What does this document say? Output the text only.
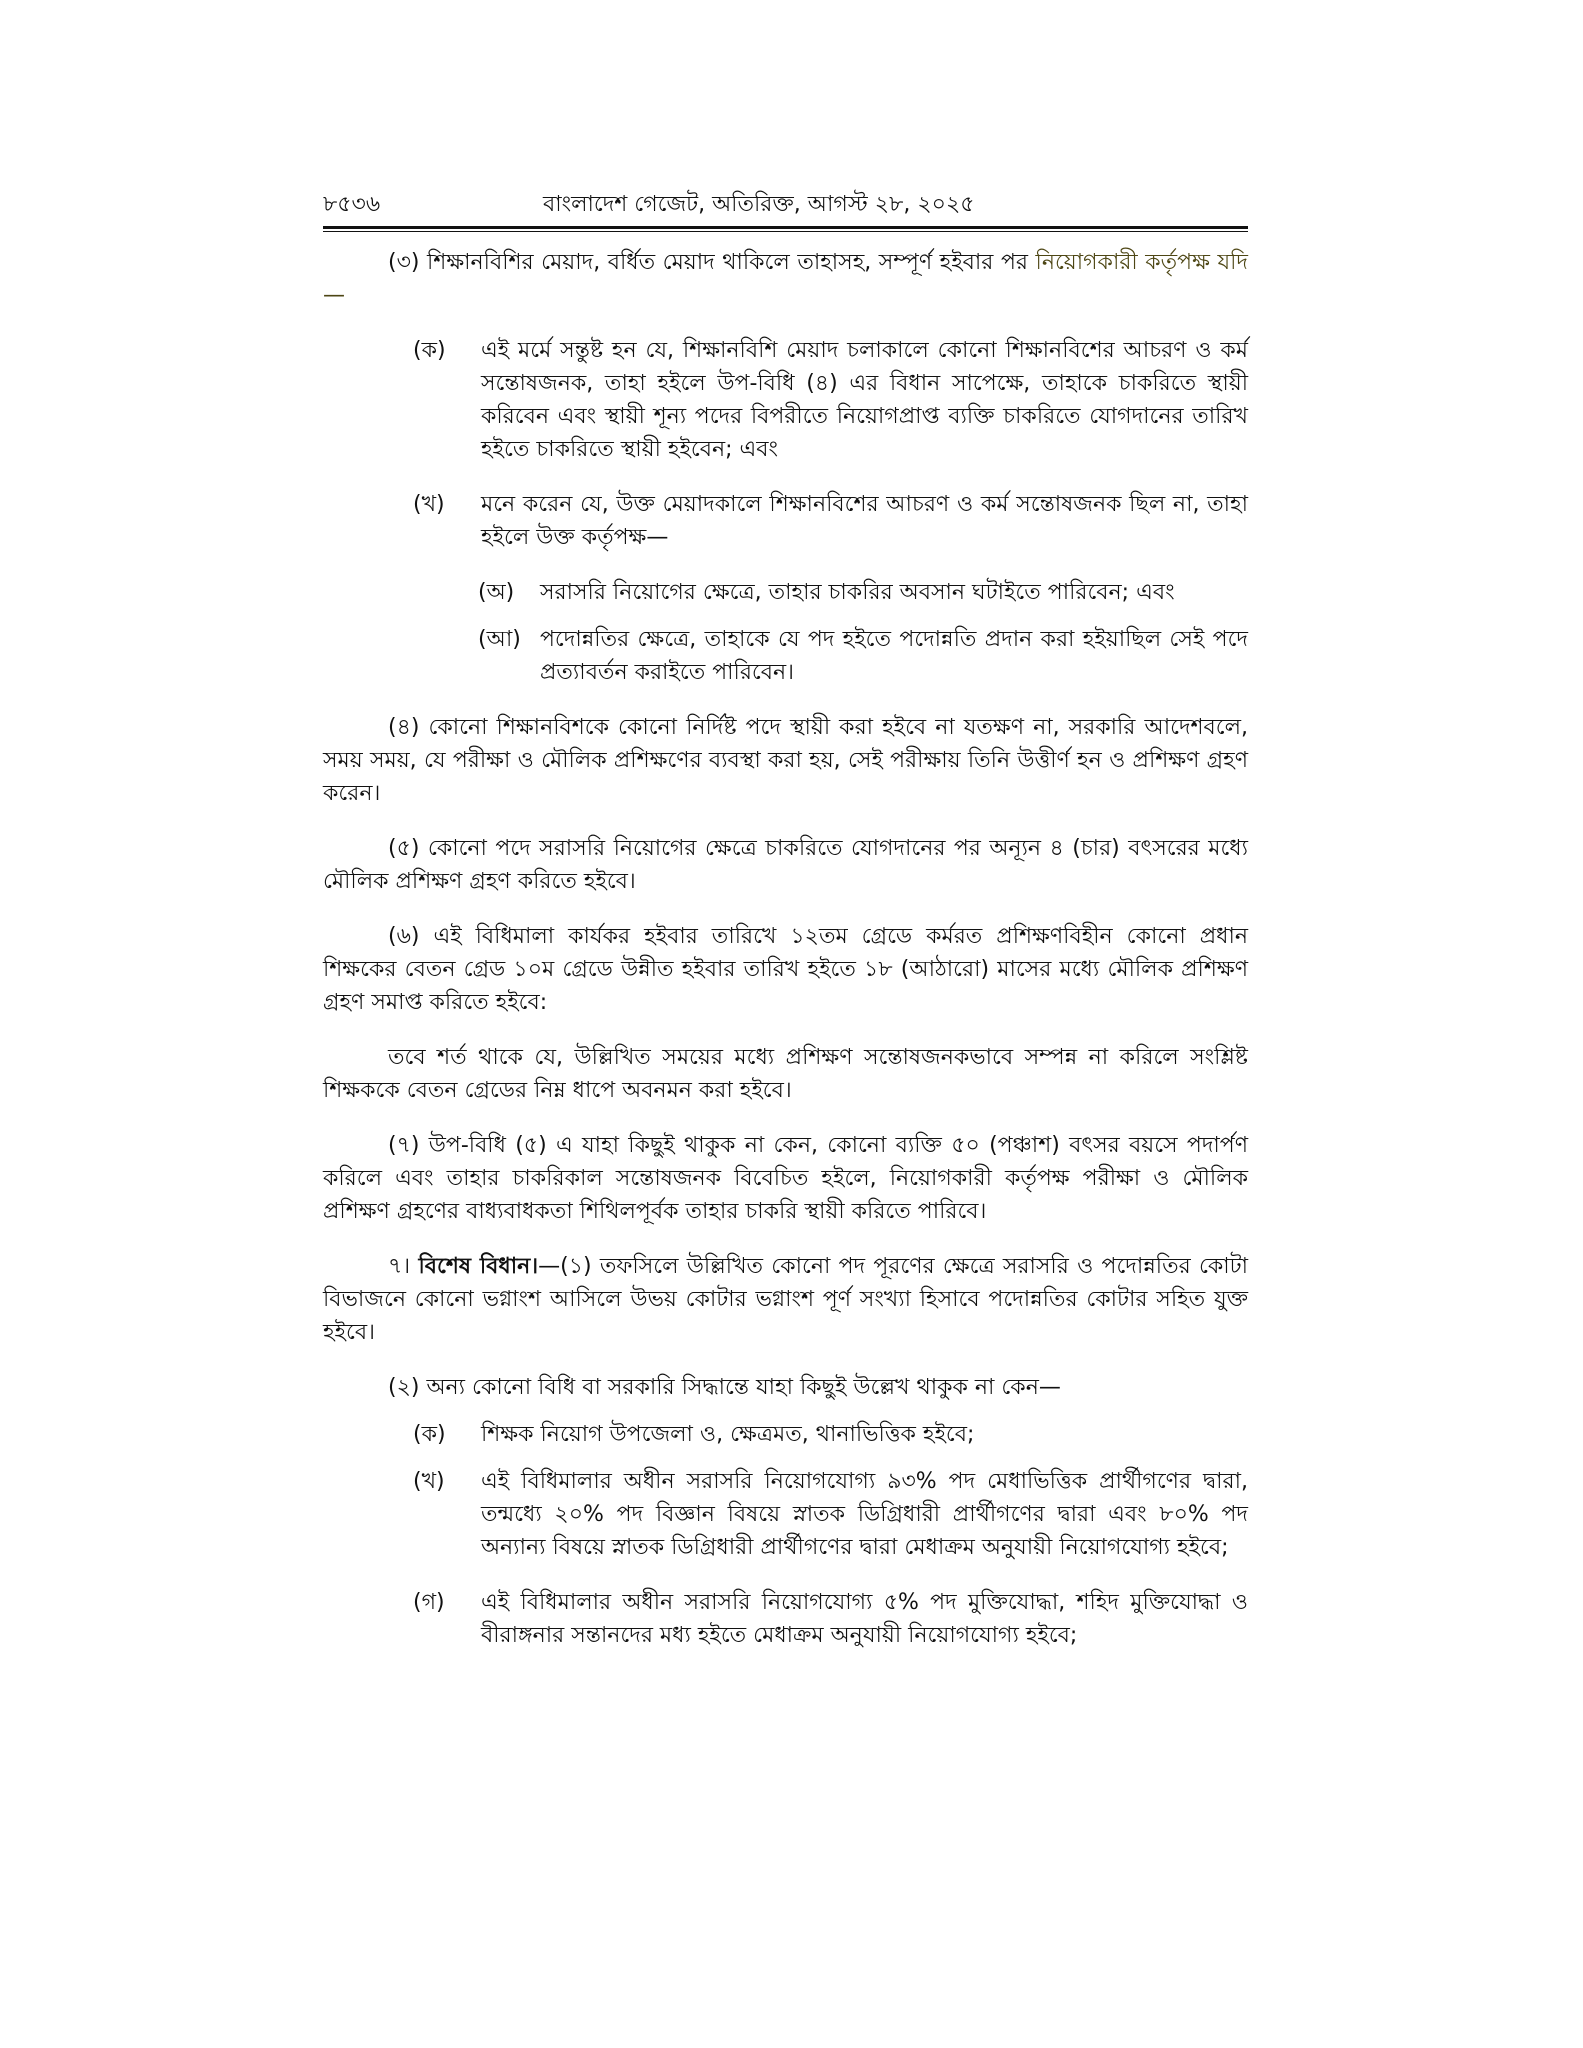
৮৫৩৬	বাংলাদেশ গেজেট, অতিরিক্ত, আগস্ট ২৮, ২০২৫

(৩) শিক্ষানবিশির মেয়াদ, বর্ধিত মেয়াদ থাকিলে তাহাসহ, সম্পূর্ণ হইবার পর নিয়োগকারী কর্তৃপক্ষ যদি—

(ক)	এই মর্মে সন্তুষ্ট হন যে, শিক্ষানবিশি মেয়াদ চলাকালে কোনো শিক্ষানবিশের আচরণ ও কর্ম সন্তোষজনক, তাহা হইলে উপ-বিধি (৪) এর বিধান সাপেক্ষে, তাহাকে চাকরিতে স্থায়ী করিবেন এবং স্থায়ী শূন্য পদের বিপরীতে নিয়োগপ্রাপ্ত ব্যক্তি চাকরিতে যোগদানের তারিখ হইতে চাকরিতে স্থায়ী হইবেন; এবং
(খ)	মনে করেন যে, উক্ত মেয়াদকালে শিক্ষানবিশের আচরণ ও কর্ম সন্তোষজনক ছিল না, তাহা হইলে উক্ত কর্তৃপক্ষ—
(অ)	সরাসরি নিয়োগের ক্ষেত্রে, তাহার চাকরির অবসান ঘটাইতে পারিবেন; এবং
(আ) পদোন্নতির ক্ষেত্রে, তাহাকে যে পদ হইতে পদোন্নতি প্রদান করা হইয়াছিল সেই পদে প্রত্যাবর্তন করাইতে পারিবেন।

(৪) কোনো শিক্ষানবিশকে কোনো নির্দিষ্ট পদে স্থায়ী করা হইবে না যতক্ষণ না, সরকারি আদেশবলে, সময় সময়, যে পরীক্ষা ও মৌলিক প্রশিক্ষণের ব্যবস্থা করা হয়, সেই পরীক্ষায় তিনি উত্তীর্ণ হন ও প্রশিক্ষণ গ্রহণ করেন।

(৫) কোনো পদে সরাসরি নিয়োগের ক্ষেত্রে চাকরিতে যোগদানের পর অন্যূন ৪ (চার) বৎসরের মধ্যে মৌলিক প্রশিক্ষণ গ্রহণ করিতে হইবে।

(৬) এই বিধিমালা কার্যকর হইবার তারিখে ১২তম গ্রেডে কর্মরত প্রশিক্ষণবিহীন কোনো প্রধান শিক্ষকের বেতন গ্রেড ১০ম গ্রেডে উন্নীত হইবার তারিখ হইতে ১৮ (আঠারো) মাসের মধ্যে মৌলিক প্রশিক্ষণ গ্রহণ সমাপ্ত করিতে হইবে:

তবে শর্ত থাকে যে, উল্লিখিত সময়ের মধ্যে প্রশিক্ষণ সন্তোষজনকভাবে সম্পন্ন না করিলে সংশ্লিষ্ট শিক্ষককে বেতন গ্রেডের নিম্ন ধাপে অবনমন করা হইবে।

(৭) উপ-বিধি (৫) এ যাহা কিছুই থাকুক না কেন, কোনো ব্যক্তি ৫০ (পঞ্চাশ) বৎসর বয়সে পদার্পণ করিলে এবং তাহার চাকরিকাল সন্তোষজনক বিবেচিত হইলে, নিয়োগকারী কর্তৃপক্ষ পরীক্ষা ও মৌলিক প্রশিক্ষণ গ্রহণের বাধ্যবাধকতা শিথিলপূর্বক তাহার চাকরি স্থায়ী করিতে পারিবে।

৭। বিশেষ বিধান।—(১) তফসিলে উল্লিখিত কোনো পদ পূরণের ক্ষেত্রে সরাসরি ও পদোন্নতির কোটা বিভাজনে কোনো ভগ্নাংশ আসিলে উভয় কোটার ভগ্নাংশ পূর্ণ সংখ্যা হিসাবে পদোন্নতির কোটার সহিত যুক্ত হইবে।

(২) অন্য কোনো বিধি বা সরকারি সিদ্ধান্তে যাহা কিছুই উল্লেখ থাকুক না কেন—

(ক)	শিক্ষক নিয়োগ উপজেলা ও, ক্ষেত্রমত, থানাভিত্তিক হইবে;
(খ)	এই বিধিমালার অধীন সরাসরি নিয়োগযোগ্য ৯৩% পদ মেধাভিত্তিক প্রার্থীগণের দ্বারা, তন্মধ্যে ২০% পদ বিজ্ঞান বিষয়ে স্নাতক ডিগ্রিধারী প্রার্থীগণের দ্বারা এবং ৮০% পদ অন্যান্য বিষয়ে স্নাতক ডিগ্রিধারী প্রার্থীগণের দ্বারা মেধাক্রম অনুযায়ী নিয়োগযোগ্য হইবে;
(গ)	এই বিধিমালার অধীন সরাসরি নিয়োগযোগ্য ৫% পদ মুক্তিযোদ্ধা, শহিদ মুক্তিযোদ্ধা ও বীরাঙ্গনার সন্তানদের মধ্য হইতে মেধাক্রম অনুযায়ী নিয়োগযোগ্য হইবে;
